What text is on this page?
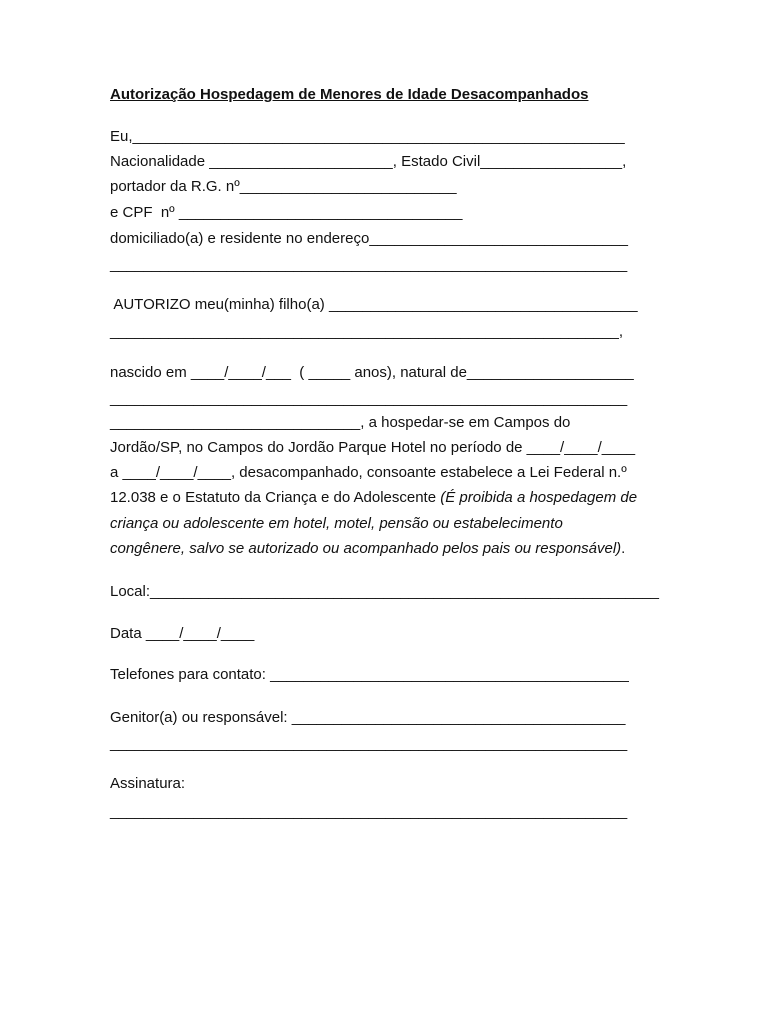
Autorização Hospedagem de Menores de Idade Desacompanhados
Eu,___________________________________________________________
Nacionalidade ______________________, Estado Civil_________________,
portador da R.G. nº__________________________
e CPF  nº __________________________________
domiciliado(a) e residente no endereço_______________________________
______________________________________________________________
AUTORIZO meu(minha) filho(a) _____________________________________
_____________________________________________________________,
nascido em ____/____/___  ( _____ anos), natural de____________________
______________________________________________________________
______________________________, a hospedar-se em Campos do
Jordão/SP, no Campos do Jordão Parque Hotel no período de ____/____/____
a ____/____/____, desacompanhado, consoante estabelece a Lei Federal n.º
12.038 e o Estatuto da Criança e do Adolescente (É proibida a hospedagem de
criança ou adolescente em hotel, motel, pensão ou estabelecimento
congênere, salvo se autorizado ou acompanhado pelos pais ou responsável).
Local:_____________________________________________________________
Data ____/____/____
Telefones para contato: ___________________________________________
Genitor(a) ou responsável: ________________________________________
______________________________________________________________
Assinatura:
______________________________________________________________
